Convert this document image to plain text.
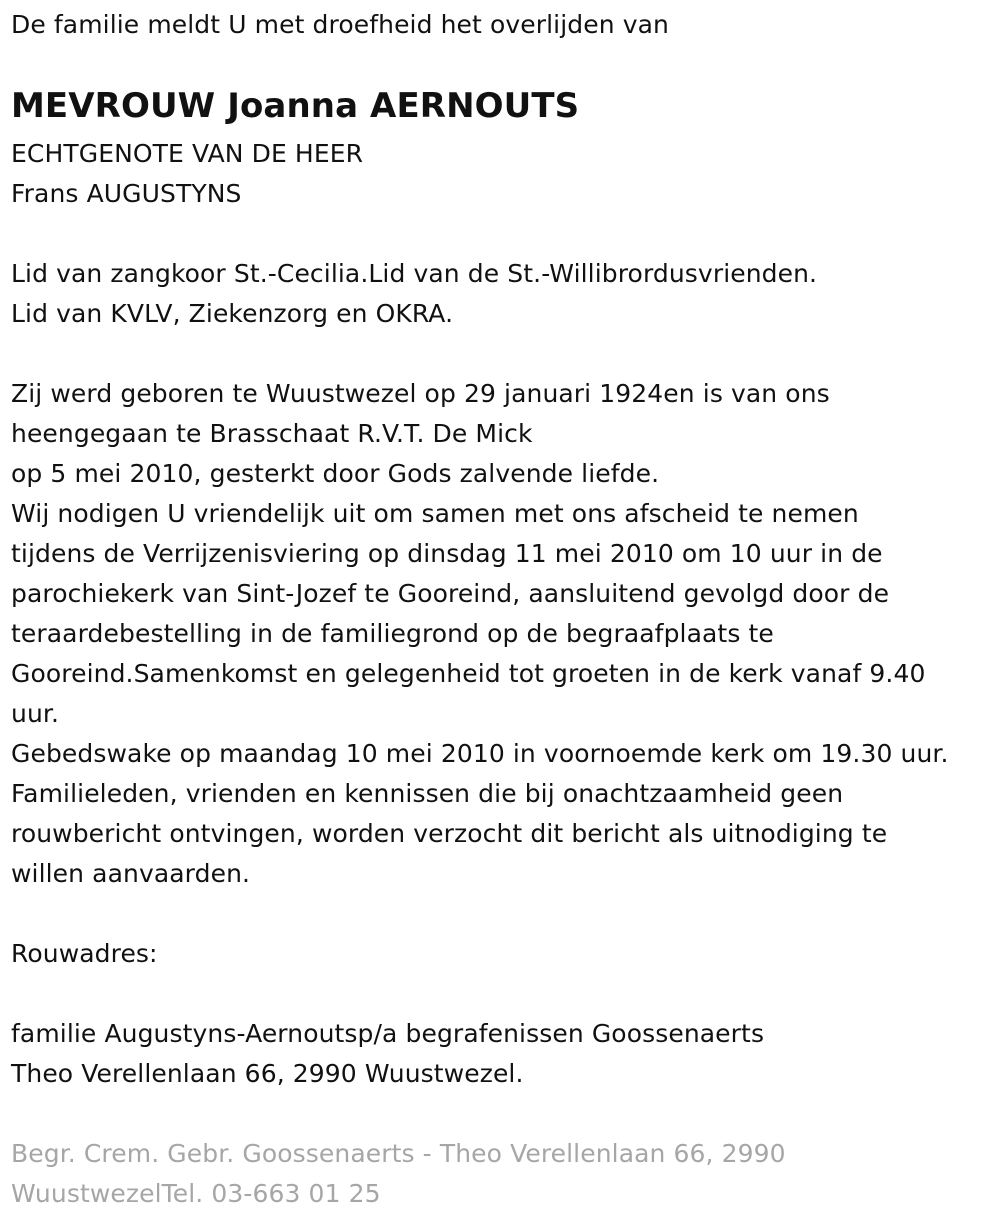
De familie meldt U met droefheid het overlijden van
MEVROUW Joanna AERNOUTS
ECHTGENOTE VAN DE HEER
Frans AUGUSTYNS
Lid van zangkoor St.-Cecilia.Lid van de St.-Willibrordusvrienden.
Lid van KVLV, Ziekenzorg en OKRA.
Zij werd geboren te Wuustwezel op 29 januari 1924en is van ons
heengegaan te Brasschaat R.V.T. De Mick
op 5 mei 2010, gesterkt door Gods zalvende liefde.
Wij nodigen U vriendelijk uit om samen met ons afscheid te nemen
tijdens de Verrijzenisviering op dinsdag 11 mei 2010 om 10 uur in de
parochiekerk van Sint-Jozef te Gooreind, aansluitend gevolgd door de
teraardebestelling in de familiegrond op de begraafplaats te
Gooreind.Samenkomst en gelegenheid tot groeten in de kerk vanaf 9.40
uur.
Gebedswake op maandag 10 mei 2010 in voornoemde kerk om 19.30 uur.
Familieleden, vrienden en kennissen die bij onachtzaamheid geen
rouwbericht ontvingen, worden verzocht dit bericht als uitnodiging te
willen aanvaarden.
Rouwadres:
familie Augustyns-Aernoutsp/a begrafenissen Goossenaerts
Theo Verellenlaan 66, 2990 Wuustwezel.
Begr. Crem. Gebr. Goossenaerts - Theo Verellenlaan 66, 2990
WuustwezelTel. 03-663 01 25
